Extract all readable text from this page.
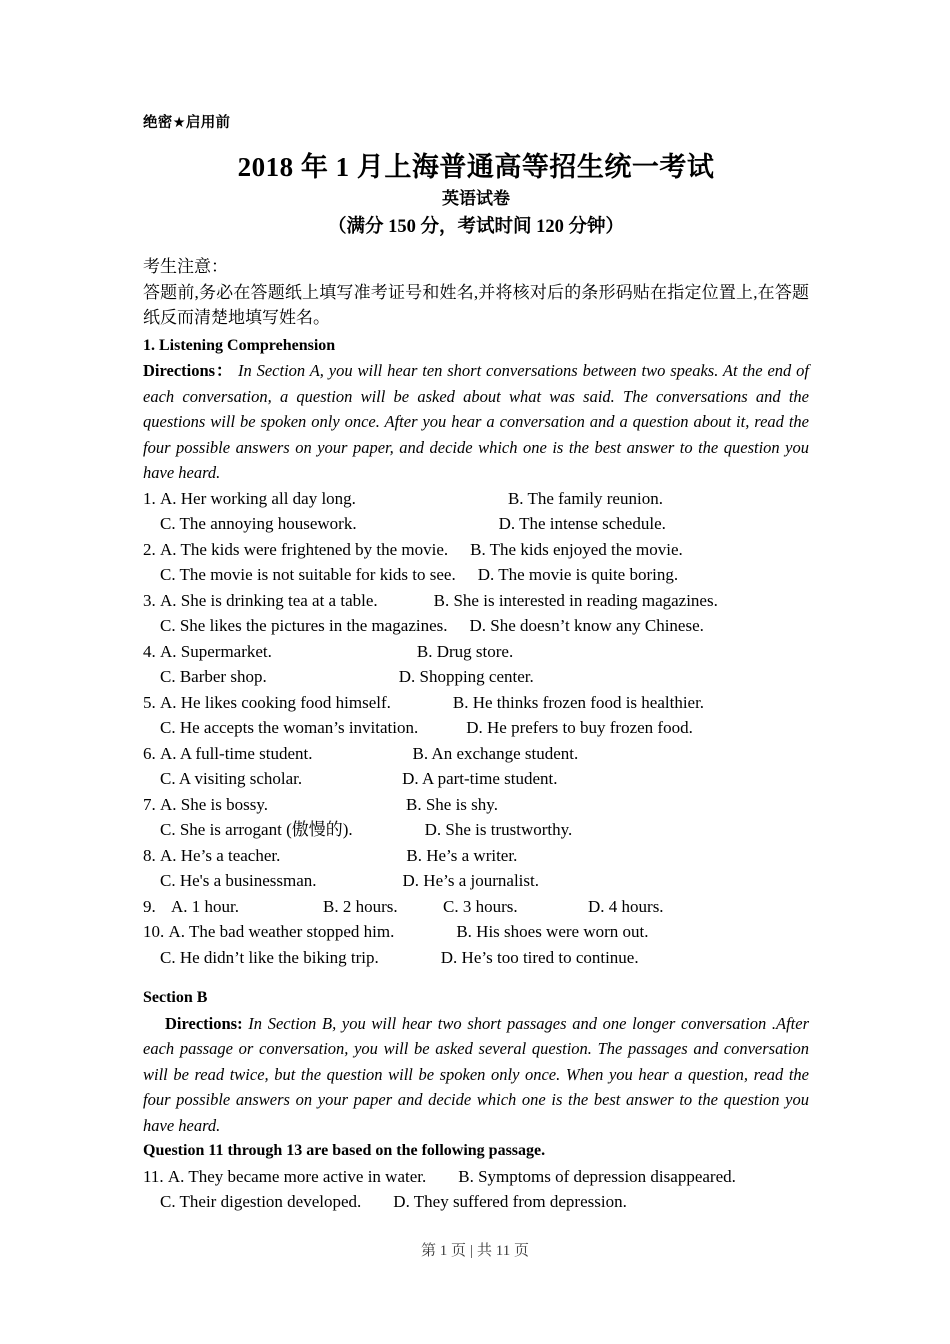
绝密★启用前
2018 年 1 月上海普通高等招生统一考试
英语试卷
（满分 150 分，考试时间 120 分钟）
考生注意：
答题前,务必在答题纸上填写准考证号和姓名,并将核对后的条形码贴在指定位置上,在答题纸反而清楚地填写姓名。
1. Listening Comprehension

Directions： In Section A, you will hear ten short conversations between two speaks. At the end of each conversation, a question will be asked about what was said. The conversations and the questions will be spoken only once. After you hear a conversation and a question about it, read the four possible answers on your paper, and decide which one is the best answer to the question you have heard.

1. A. Her working all day long.	B. The family reunion.
C. The annoying housework.	D. The intense schedule.
2. A. The kids were frightened by the movie. B. The kids enjoyed the movie.
C. The movie is not suitable for kids to see. D. The movie is quite boring.
3. A. She is drinking tea at a table.	B. She is interested in reading magazines.
C. She likes the pictures in the magazines. D. She doesn’t know any Chinese.
4. A. Supermarket.	B. Drug store.
C. Barber shop.	D. Shopping center.
5. A. He likes cooking food himself.	B. He thinks frozen food is healthier.
C. He accepts the woman’s invitation.	D. He prefers to buy frozen food.
6. A. A full-time student.	B. An exchange student.
C. A visiting scholar.	D. A part-time student.
7. A. She is bossy.	B. She is shy.
C. She is arrogant (傲慢的).	D. She is trustworthy.
8. A. He’s a teacher.	B. He’s a writer.
C. He's a businessman.	D. He’s a journalist.
9. A. 1 hour.	B. 2 hours.	C. 3 hours.	D. 4 hours.
10. A. The bad weather stopped him.	B. His shoes were worn out.
C. He didn’t like the biking trip.	D. He’s too tired to continue.
Section B

Directions: In Section B, you will hear two short passages and one longer conversation .After each passage or conversation, you will be asked several question. The passages and conversation will be read twice, but the question will be spoken only once. When you hear a question, read the four possible answers on your paper and decide which one is the best answer to the question you have heard.

Question 11 through 13 are based on the following passage.
11. A. They became more active in water. B. Symptoms of depression disappeared.
C. Their digestion developed. D. They suffered from depression.
第 1 页 | 共 11 页
